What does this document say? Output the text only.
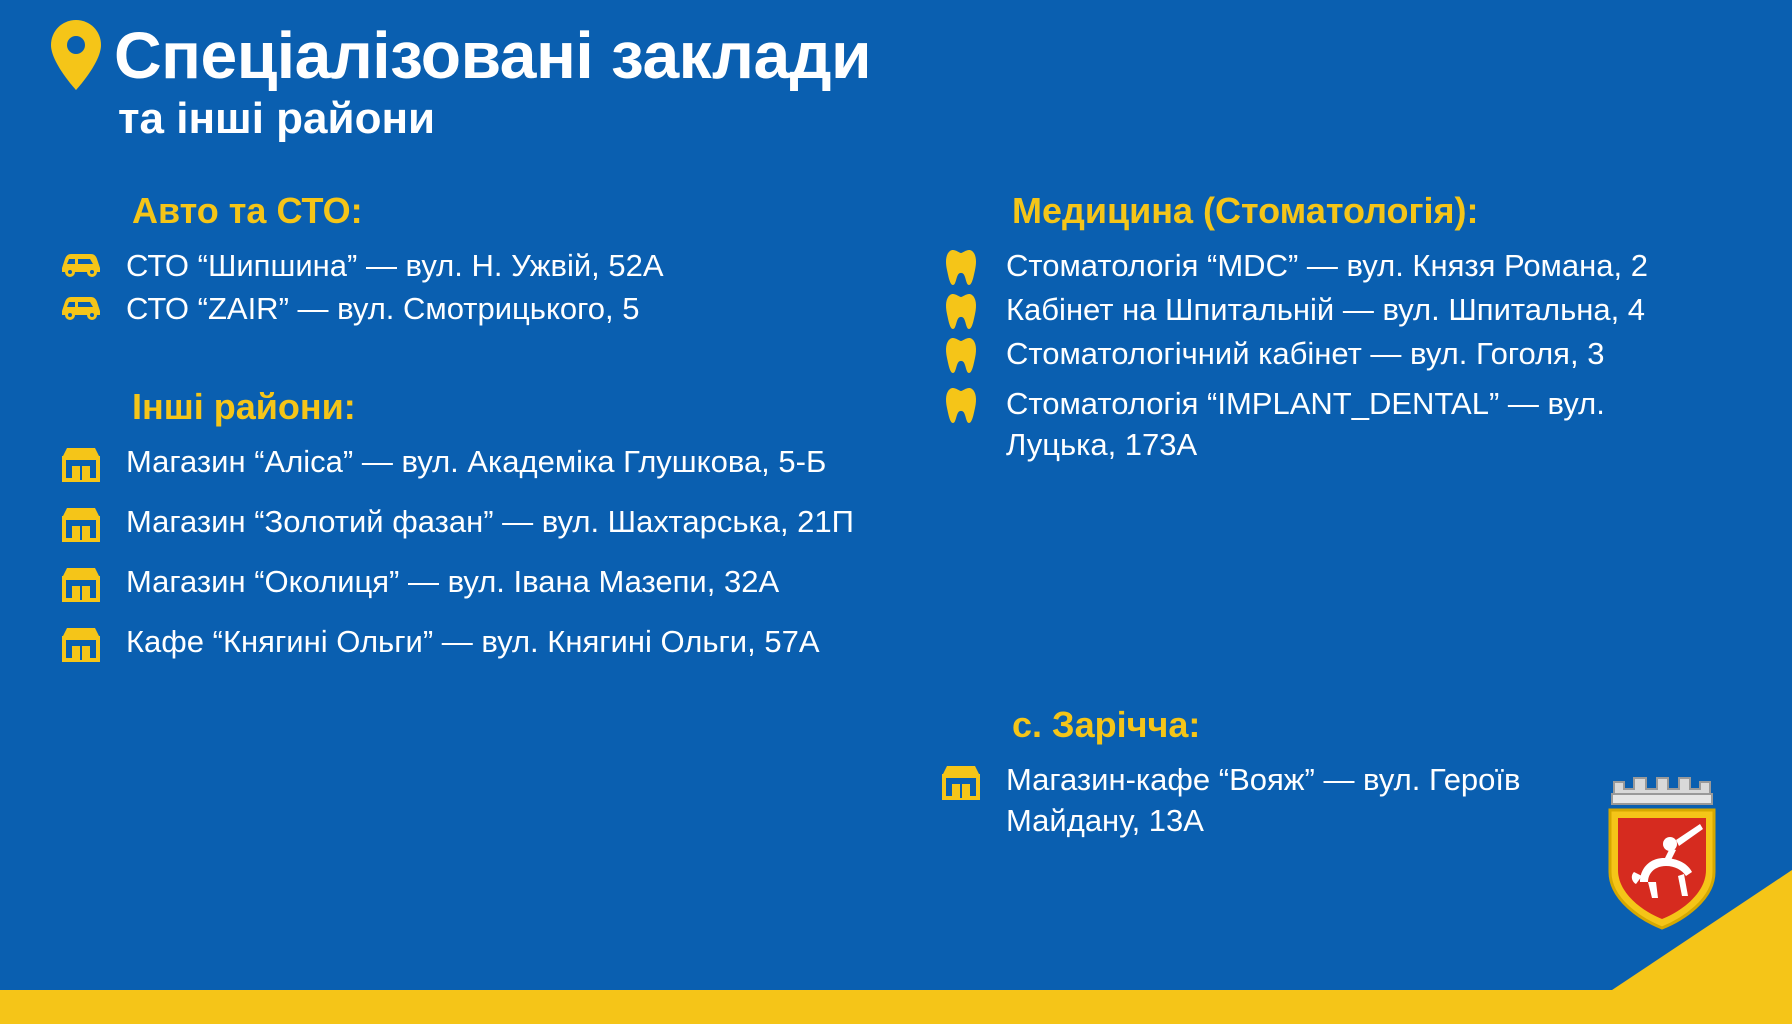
Спеціалізовані заклади
та інші райони
Авто та СТО:
СТО “Шипшина” — вул. Н. Ужвій, 52А
СТО “ZAIR” — вул. Смотрицького, 5
Інші райони:
Магазин “Аліса” — вул. Академіка Глушкова, 5-Б
Магазин “Золотий фазан” — вул. Шахтарська, 21П
Магазин “Околиця” — вул. Івана Мазепи, 32А
Кафе “Княгині Ольги” — вул. Княгині Ольги, 57А
Медицина (Стоматологія):
Стоматологія “MDC” — вул. Князя Романа, 2
Кабінет на Шпитальній — вул. Шпитальна, 4
Стоматологічний кабінет — вул. Гоголя, 3
Стоматологія “IMPLANT_DENTAL” — вул. Луцька, 173А
с. Зарічча:
Магазин-кафе “Вояж” — вул. Героїв Майдану, 13А
